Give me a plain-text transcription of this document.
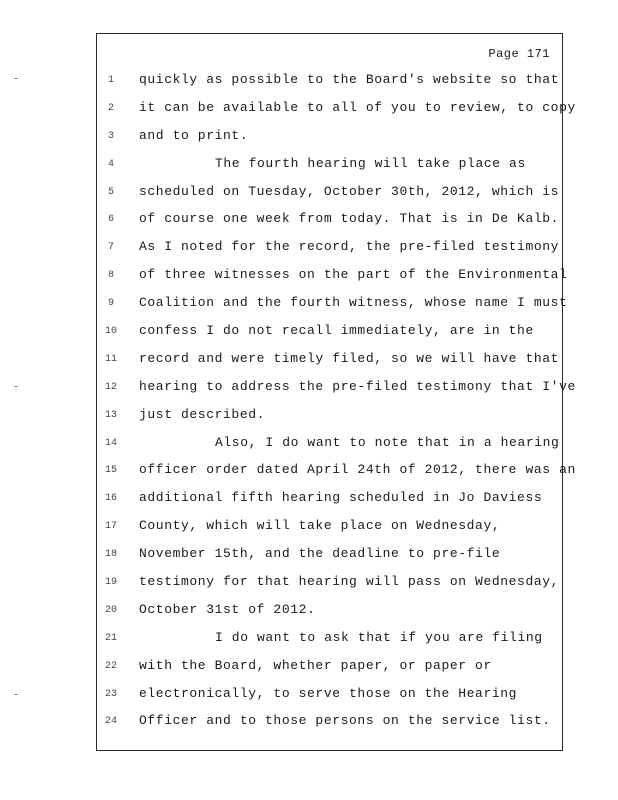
Page 171
1	quickly as possible to the Board's website so that
2	it can be available to all of you to review, to copy
3	and to print.
4	The fourth hearing will take place as
5	scheduled on Tuesday, October 30th, 2012, which is
6	of course one week from today. That is in De Kalb.
7	As I noted for the record, the pre-filed testimony
8	of three witnesses on the part of the Environmental
9	Coalition and the fourth witness, whose name I must
10 confess I do not recall immediately, are in the
11 record and were timely filed, so we will have that
12 hearing to address the pre-filed testimony that I've
13 just described.
14	Also, I do want to note that in a hearing
15 officer order dated April 24th of 2012, there was an
16 additional fifth hearing scheduled in Jo Daviess
17 County, which will take place on Wednesday,
18 November 15th, and the deadline to pre-file
19 testimony for that hearing will pass on Wednesday,
20 October 31st of 2012.
21	I do want to ask that if you are filing
22 with the Board, whether paper, or paper or
23 electronically, to serve those on the Hearing
24 Officer and to those persons on the service list.
